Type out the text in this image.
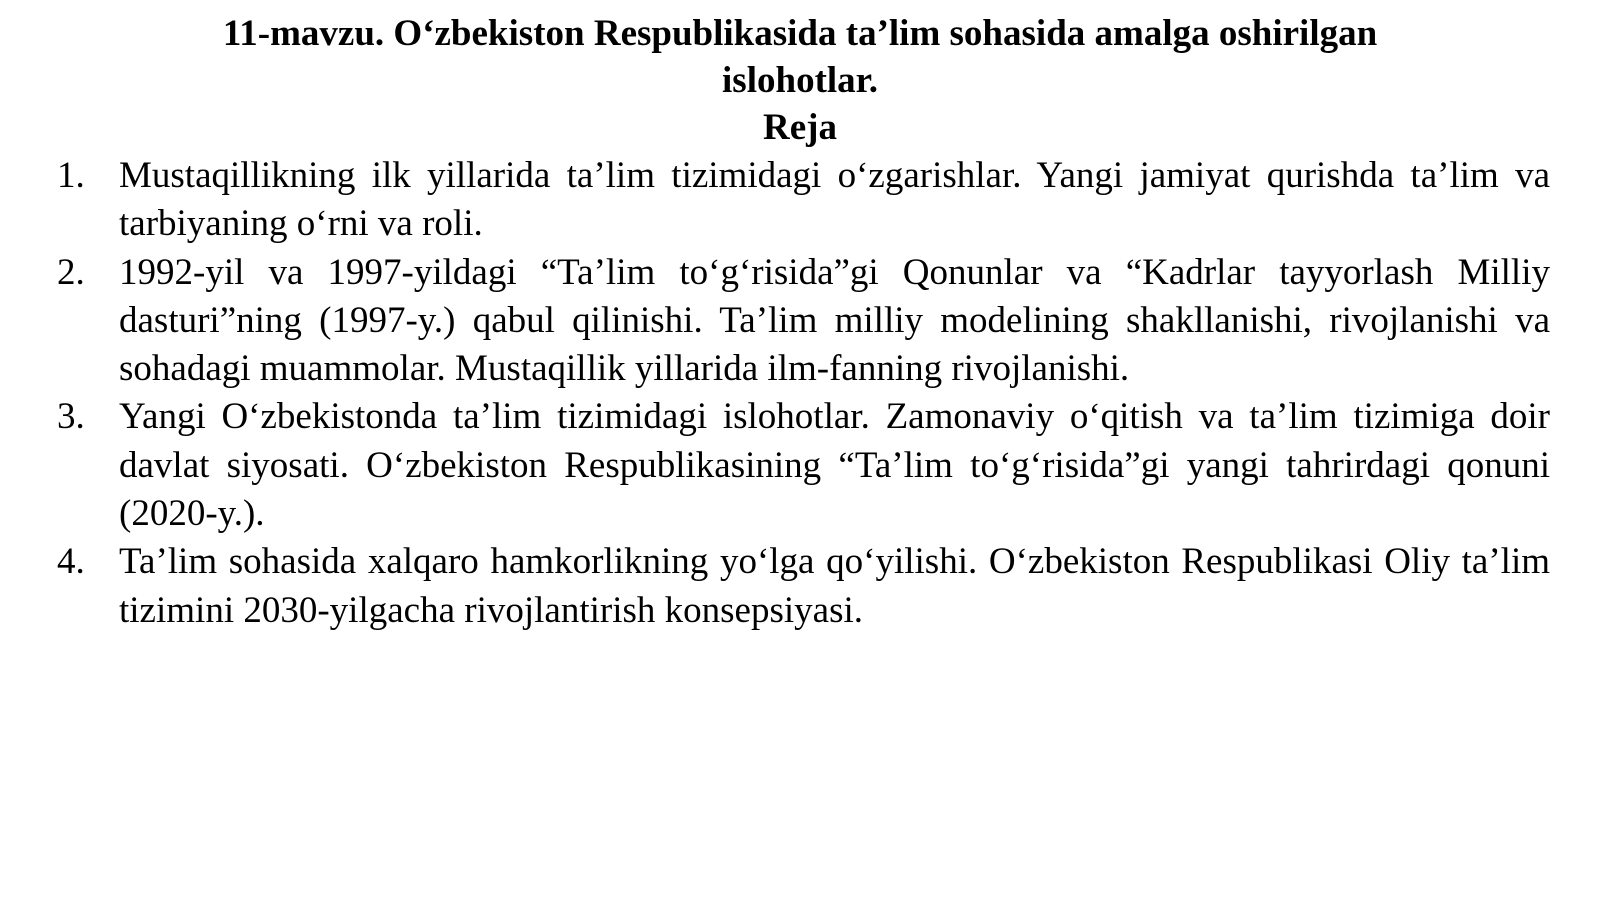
11-mavzu. O‘zbekiston Respublikasida ta’lim sohasida amalga oshirilgan
islohotlar.
Reja
1. Mustaqillikning ilk yillarida ta’lim tizimidagi o‘zgarishlar. Yangi jamiyat qurishda ta’lim va tarbiyaning o‘rni va roli.
2. 1992-yil va 1997-yildagi “Ta’lim to‘g‘risida”gi Qonunlar va “Kadrlar tayyorlash Milliy dasturi”ning (1997-y.) qabul qilinishi. Ta’lim milliy modelining shakllanishi, rivojlanishi va sohadagi muammolar. Mustaqillik yillarida ilm-fanning rivojlanishi.
3. Yangi O‘zbekistonda ta’lim tizimidagi islohotlar. Zamonaviy o‘qitish va ta’lim tizimiga doir davlat siyosati. O‘zbekiston Respublikasining “Ta’lim to‘g‘risida”gi yangi tahrirdagi qonuni (2020-y.).
4. Ta’lim sohasida xalqaro hamkorlikning yo‘lga qo‘yilishi. O‘zbekiston Respublikasi Oliy ta’lim tizimini 2030-yilgacha rivojlantirish konsepsiyasi.
